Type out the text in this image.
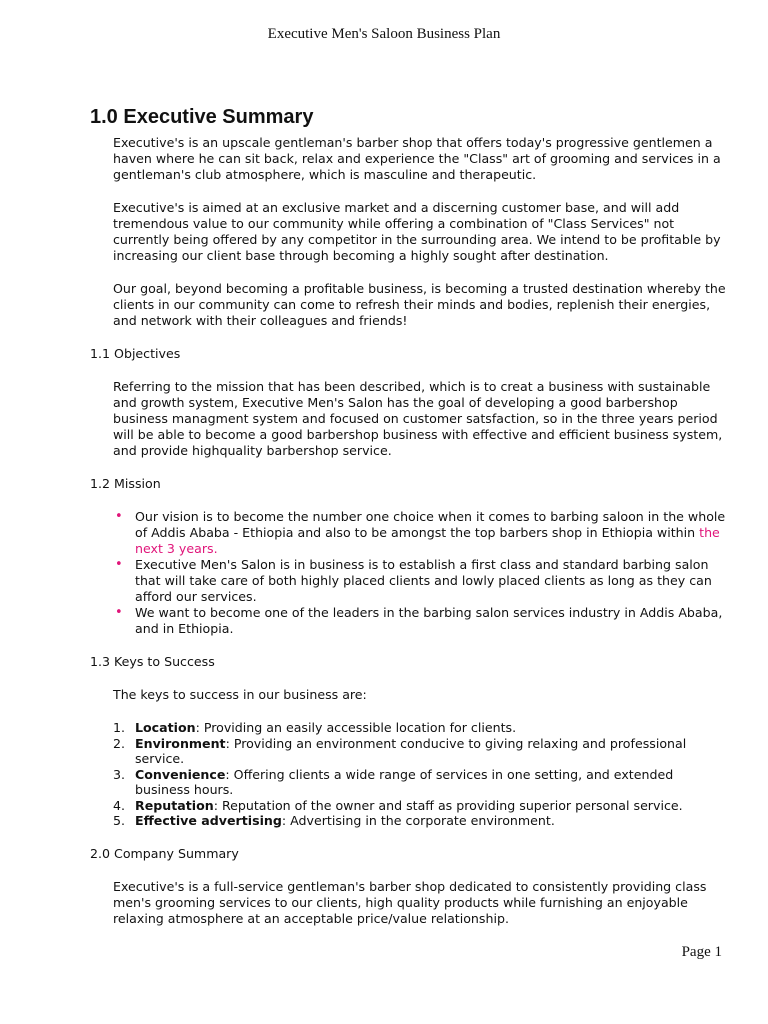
Executive Men's Saloon Business Plan
1.0 Executive Summary

Executive's is an upscale gentleman's barber shop that offers today's progressive gentlemen a haven where he can sit back, relax and experience the "Class" art of grooming and services in a gentleman's club atmosphere, which is masculine and therapeutic.

Executive's is aimed at an exclusive market and a discerning customer base, and will add tremendous value to our community while offering a combination of "Class Services" not currently being offered by any competitor in the surrounding area. We intend to be profitable by increasing our client base through becoming a highly sought after destination.

Our goal, beyond becoming a profitable business, is becoming a trusted destination whereby the clients in our community can come to refresh their minds and bodies, replenish their energies, and network with their colleagues and friends!

1.1 Objectives

Referring to the mission that has been described, which is to creat a business with sustainable and growth system, Executive Men's Salon has the goal of developing a good barbershop business managment system and focused on customer satsfaction, so in the three years period will be able to become a good barbershop business with effective and efficient business system, and provide highquality barbershop service.

1.2 Mission

• Our vision is to become the number one choice when it comes to barbing saloon in the whole of Addis Ababa - Ethiopia and also to be amongst the top barbers shop in Ethiopia within the next 3 years.
• Executive Men's Salon is in business is to establish a first class and standard barbing salon that will take care of both highly placed clients and lowly placed clients as long as they can afford our services.
• We want to become one of the leaders in the barbing salon services industry in Addis Ababa, and in Ethiopia.

1.3 Keys to Success

The keys to success in our business are:

1. Location: Providing an easily accessible location for clients.
2. Environment: Providing an environment conducive to giving relaxing and professional service.
3. Convenience: Offering clients a wide range of services in one setting, and extended business hours.
4. Reputation: Reputation of the owner and staff as providing superior personal service.
5. Effective advertising: Advertising in the corporate environment.

2.0 Company Summary

Executive's is a full-service gentleman's barber shop dedicated to consistently providing class men's grooming services to our clients, high quality products while furnishing an enjoyable relaxing atmosphere at an acceptable price/value relationship.

Page 1
